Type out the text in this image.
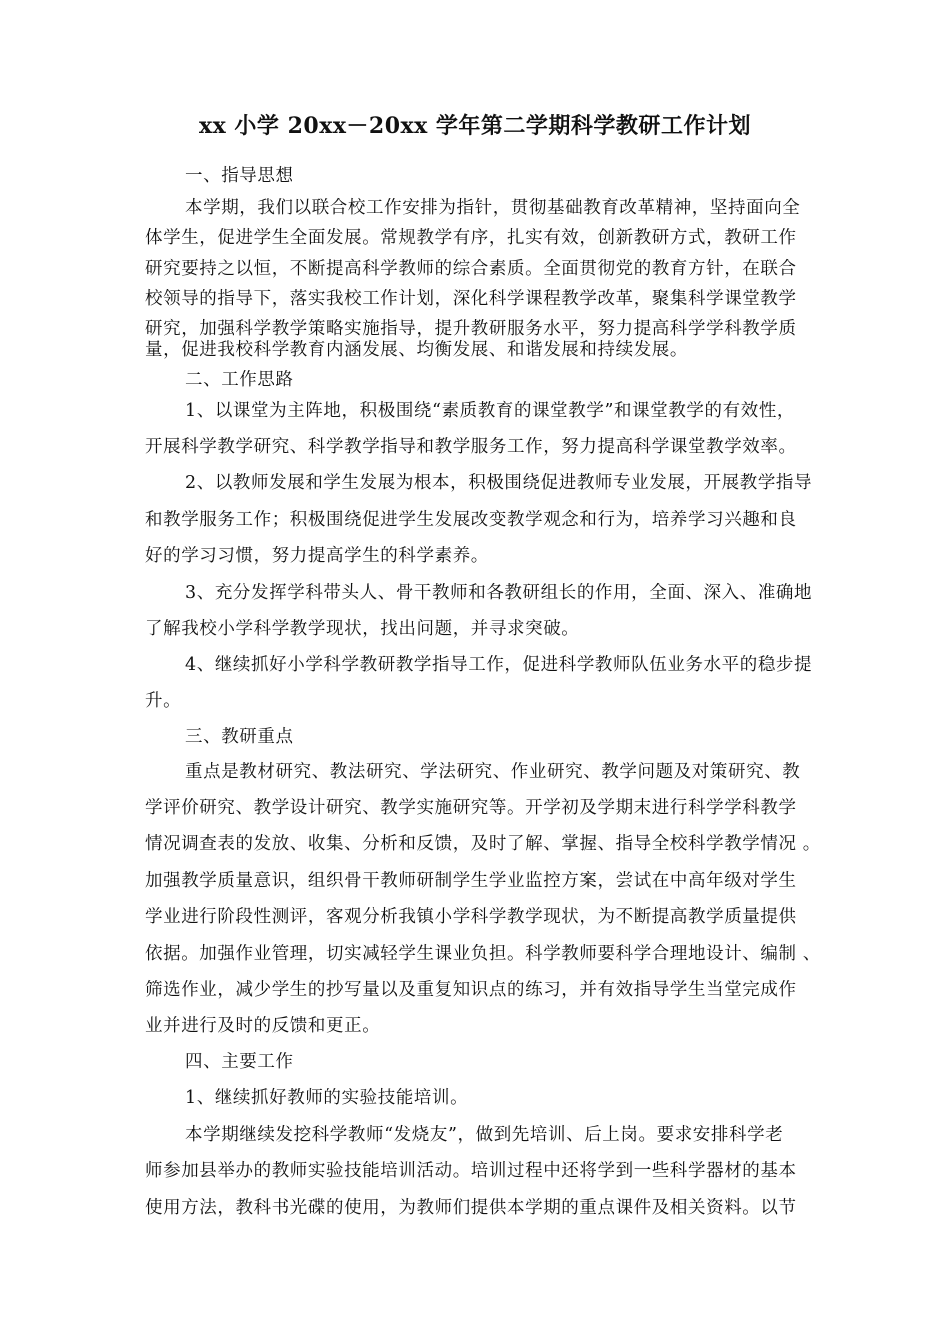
xx 小学 20xx－20xx 学年第二学期科学教研工作计划
一、指导思想
本学期，我们以联合校工作安排为指针，贯彻基础教育改革精神，坚持面向全
体学生，促进学生全面发展。常规教学有序，扎实有效，创新教研方式，教研工作
研究要持之以恒，不断提高科学教师的综合素质。全面贯彻党的教育方针，在联合
校领导的指导下，落实我校工作计划，深化科学课程教学改革，聚集科学课堂教学
研究，加强科学教学策略实施指导，提升教研服务水平，努力提高科学学科教学质
量，促进我校科学教育内涵发展、均衡发展、和谐发展和持续发展。
二、工作思路
1、以课堂为主阵地，积极围绕“素质教育的课堂教学”和课堂教学的有效性，
开展科学教学研究、科学教学指导和教学服务工作，努力提高科学课堂教学效率。
2、以教师发展和学生发展为根本，积极围绕促进教师专业发展，开展教学指导
和教学服务工作；积极围绕促进学生发展改变教学观念和行为，培养学习兴趣和良
好的学习习惯，努力提高学生的科学素养。
3、充分发挥学科带头人、骨干教师和各教研组长的作用，全面、深入、准确地
了解我校小学科学教学现状，找出问题，并寻求突破。
4、继续抓好小学科学教研教学指导工作，促进科学教师队伍业务水平的稳步提
升。
三、教研重点
重点是教材研究、教法研究、学法研究、作业研究、教学问题及对策研究、教
学评价研究、教学设计研究、教学实施研究等。开学初及学期末进行科学学科教学
情况调查表的发放、收集、分析和反馈，及时了解、掌握、指导全校科学教学情况 。
加强教学质量意识，组织骨干教师研制学生学业监控方案，尝试在中高年级对学生
学业进行阶段性测评，客观分析我镇小学科学教学现状，为不断提高教学质量提供
依据。加强作业管理，切实减轻学生课业负担。科学教师要科学合理地设计、编制 、
筛选作业，减少学生的抄写量以及重复知识点的练习，并有效指导学生当堂完成作
业并进行及时的反馈和更正。
四、主要工作
1、继续抓好教师的实验技能培训。
本学期继续发挖科学教师“发烧友”，做到先培训、后上岗。要求安排科学老
师参加县举办的教师实验技能培训活动。培训过程中还将学到一些科学器材的基本
使用方法，教科书光碟的使用，为教师们提供本学期的重点课件及相关资料。以节
